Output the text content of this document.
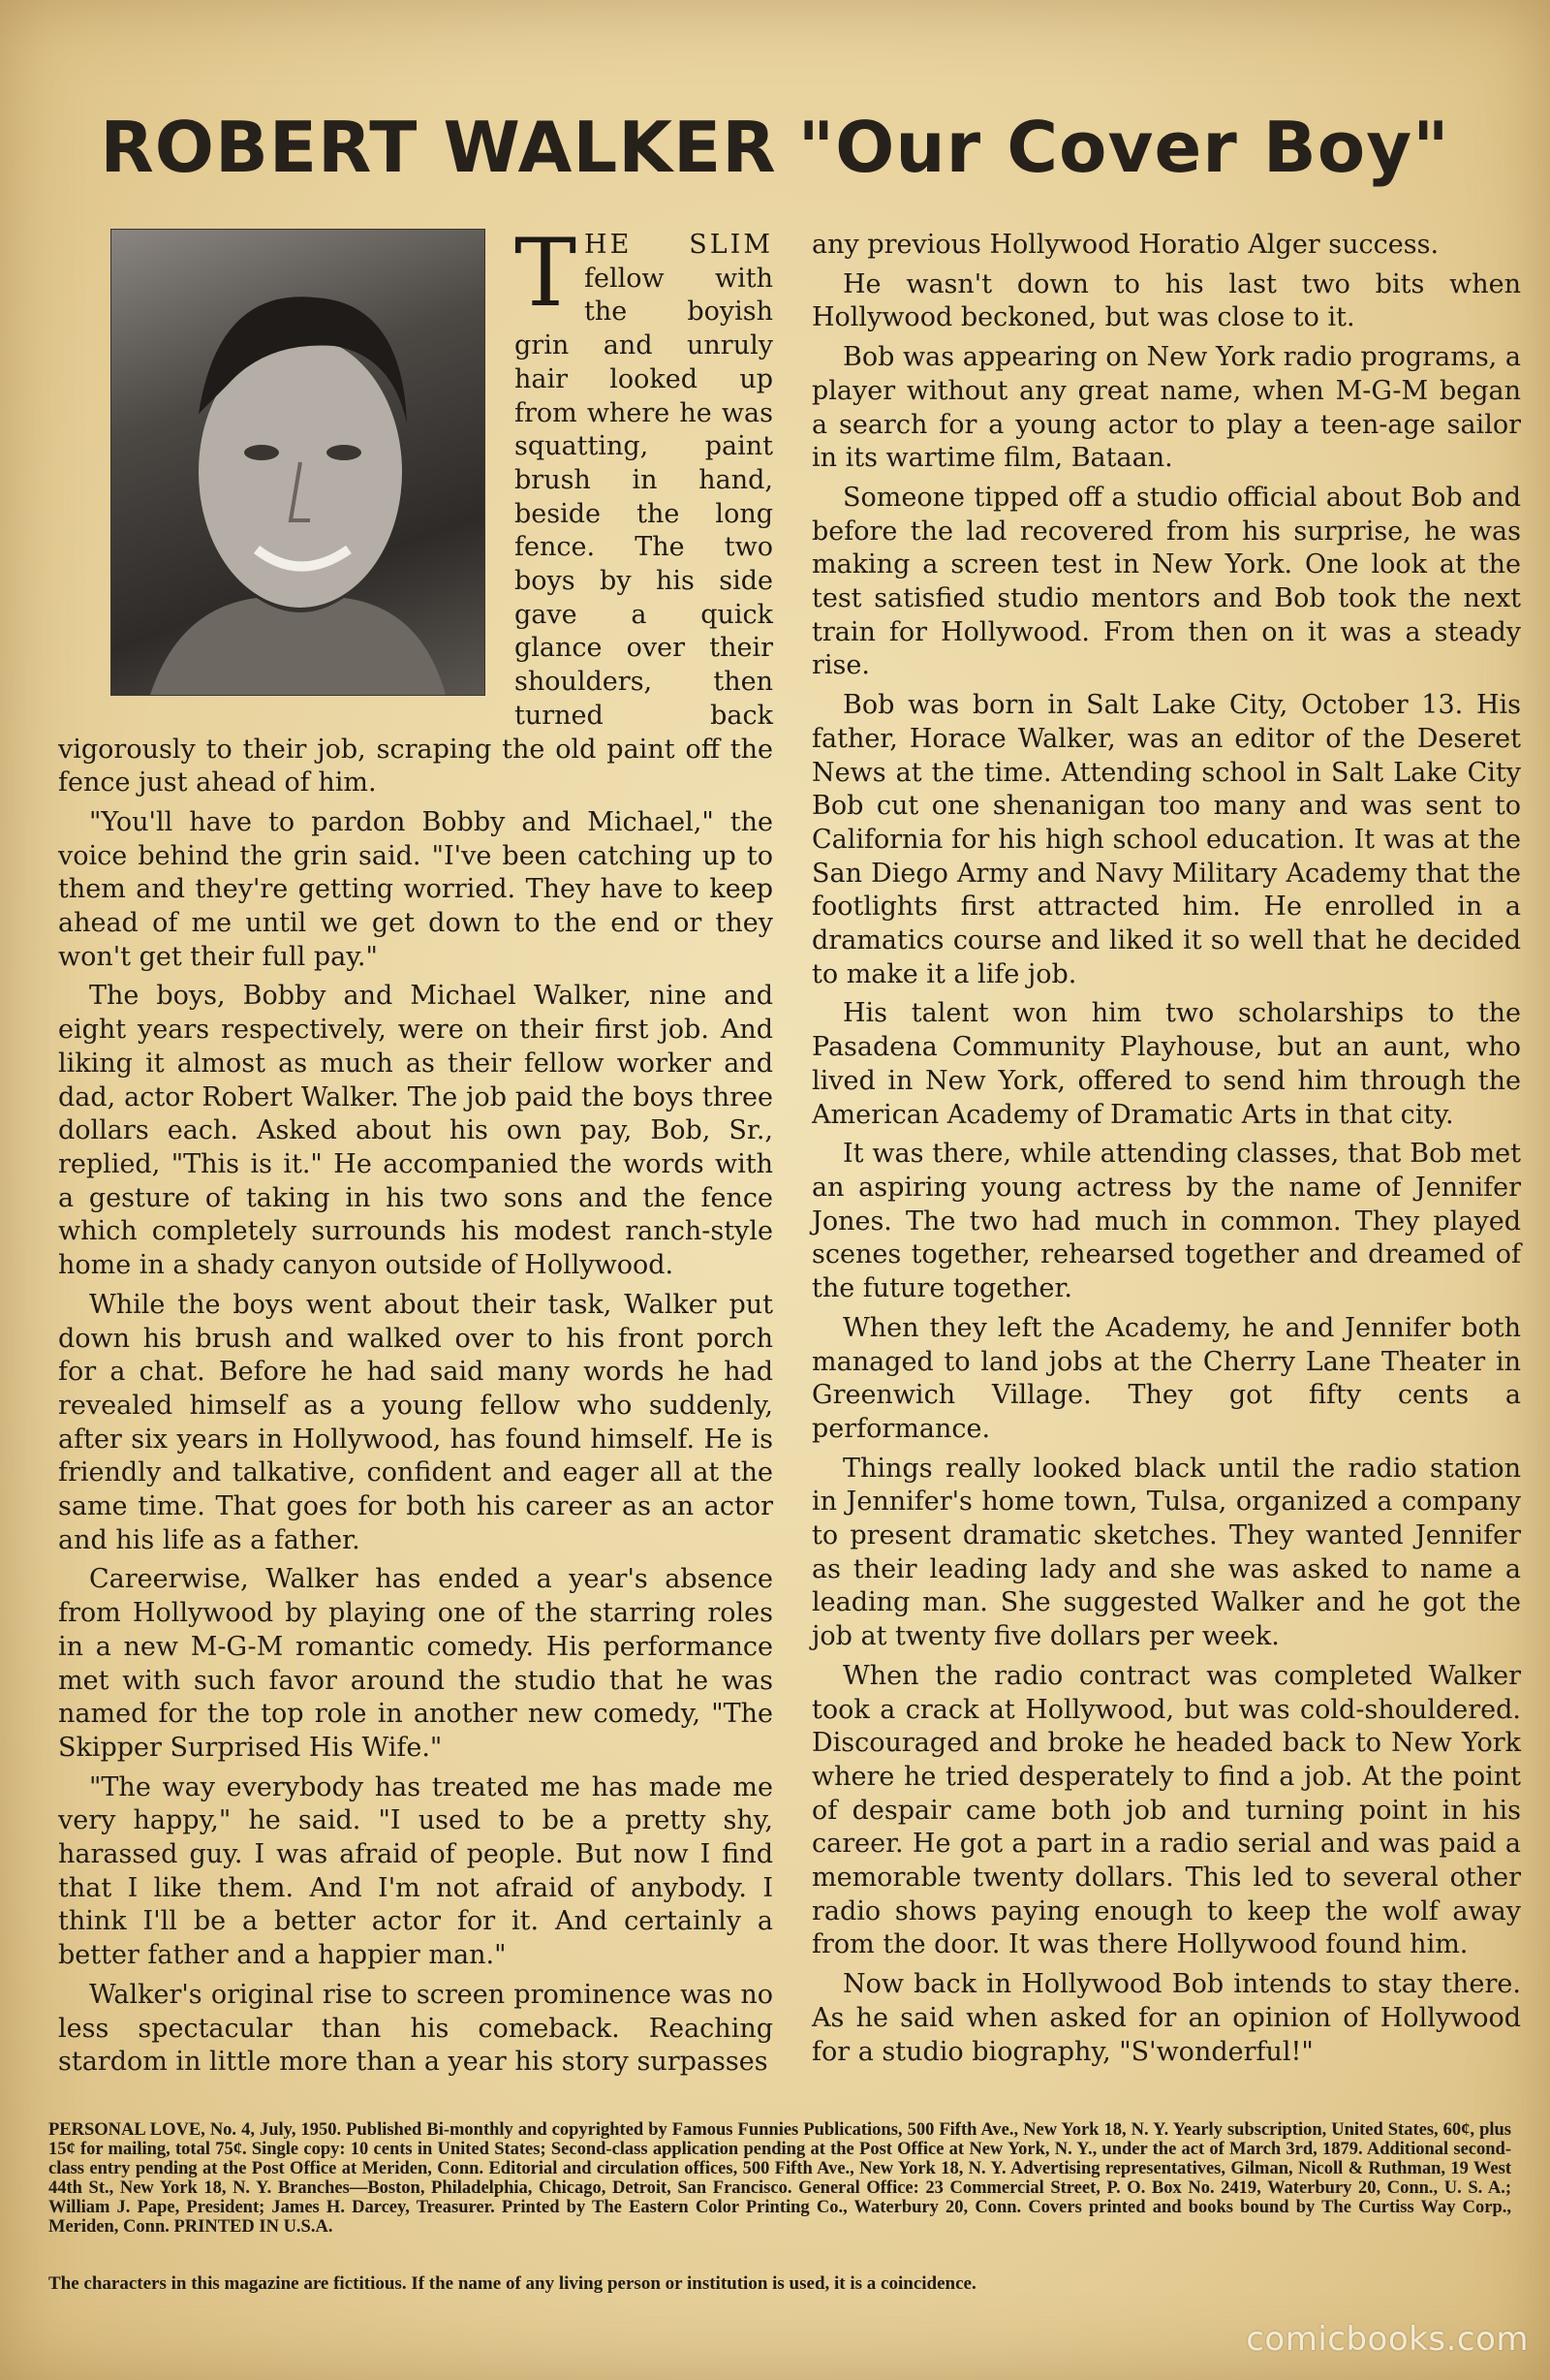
ROBERT WALKER "Our Cover Boy"

THE SLIM fellow with the boyish grin and unruly hair looked up from where he was squatting, paint brush in hand, beside the long fence. The two boys by his side gave a quick glance over their shoulders, then turned back vigorously to their job, scraping the old paint off the fence just ahead of him.

"You'll have to pardon Bobby and Michael," the voice behind the grin said. "I've been catching up to them and they're getting worried. They have to keep ahead of me until we get down to the end or they won't get their full pay."

The boys, Bobby and Michael Walker, nine and eight years respectively, were on their first job. And liking it almost as much as their fellow worker and dad, actor Robert Walker. The job paid the boys three dollars each. Asked about his own pay, Bob, Sr., replied, "This is it." He accompanied the words with a gesture of taking in his two sons and the fence which completely surrounds his modest ranch-style home in a shady canyon outside of Hollywood.

While the boys went about their task, Walker put down his brush and walked over to his front porch for a chat. Before he had said many words he had revealed himself as a young fellow who suddenly, after six years in Hollywood, has found himself. He is friendly and talkative, confident and eager all at the same time. That goes for both his career as an actor and his life as a father.

Careerwise, Walker has ended a year's absence from Hollywood by playing one of the starring roles in a new M-G-M romantic comedy. His performance met with such favor around the studio that he was named for the top role in another new comedy, "The Skipper Surprised His Wife."

"The way everybody has treated me has made me very happy," he said. "I used to be a pretty shy, harassed guy. I was afraid of people. But now I find that I like them. And I'm not afraid of anybody. I think I'll be a better actor for it. And certainly a better father and a happier man."

Walker's original rise to screen prominence was no less spectacular than his comeback. Reaching stardom in little more than a year his story surpasses

any previous Hollywood Horatio Alger success.

He wasn't down to his last two bits when Hollywood beckoned, but was close to it.

Bob was appearing on New York radio programs, a player without any great name, when M-G-M began a search for a young actor to play a teen-age sailor in its wartime film, Bataan.

Someone tipped off a studio official about Bob and before the lad recovered from his surprise, he was making a screen test in New York. One look at the test satisfied studio mentors and Bob took the next train for Hollywood. From then on it was a steady rise.

Bob was born in Salt Lake City, October 13. His father, Horace Walker, was an editor of the Deseret News at the time. Attending school in Salt Lake City Bob cut one shenanigan too many and was sent to California for his high school education. It was at the San Diego Army and Navy Military Academy that the footlights first attracted him. He enrolled in a dramatics course and liked it so well that he decided to make it a life job.

His talent won him two scholarships to the Pasadena Community Playhouse, but an aunt, who lived in New York, offered to send him through the American Academy of Dramatic Arts in that city.

It was there, while attending classes, that Bob met an aspiring young actress by the name of Jennifer Jones. The two had much in common. They played scenes together, rehearsed together and dreamed of the future together.

When they left the Academy, he and Jennifer both managed to land jobs at the Cherry Lane Theater in Greenwich Village. They got fifty cents a performance.

Things really looked black until the radio station in Jennifer's home town, Tulsa, organized a company to present dramatic sketches. They wanted Jennifer as their leading lady and she was asked to name a leading man. She suggested Walker and he got the job at twenty five dollars per week.

When the radio contract was completed Walker took a crack at Hollywood, but was cold-shouldered. Discouraged and broke he headed back to New York where he tried desperately to find a job. At the point of despair came both job and turning point in his career. He got a part in a radio serial and was paid a memorable twenty dollars. This led to several other radio shows paying enough to keep the wolf away from the door. It was there Hollywood found him.

Now back in Hollywood Bob intends to stay there. As he said when asked for an opinion of Hollywood for a studio biography, "S'wonderful!"

PERSONAL LOVE, No. 4, July, 1950. Published Bi-monthly and copyrighted by Famous Funnies Publications, 500 Fifth Ave., New York 18, N. Y. Yearly subscription, United States, 60¢, plus 15¢ for mailing, total 75¢. Single copy: 10 cents in United States; Second-class application pending at the Post Office at New York, N. Y., under the act of March 3rd, 1879. Additional second-class entry pending at the Post Office at Meriden, Conn. Editorial and circulation offices, 500 Fifth Ave., New York 18, N. Y. Advertising representatives, Gilman, Nicoll & Ruthman, 19 West 44th St., New York 18, N. Y. Branches—Boston, Philadelphia, Chicago, Detroit, San Francisco. General Office: 23 Commercial Street, P. O. Box No. 2419, Waterbury 20, Conn., U. S. A.; William J. Pape, President; James H. Darcey, Treasurer. Printed by The Eastern Color Printing Co., Waterbury 20, Conn. Covers printed and books bound by The Curtiss Way Corp., Meriden, Conn. PRINTED IN U.S.A.
The characters in this magazine are fictitious. If the name of any living person or institution is used, it is a coincidence.
comicbooks.com
